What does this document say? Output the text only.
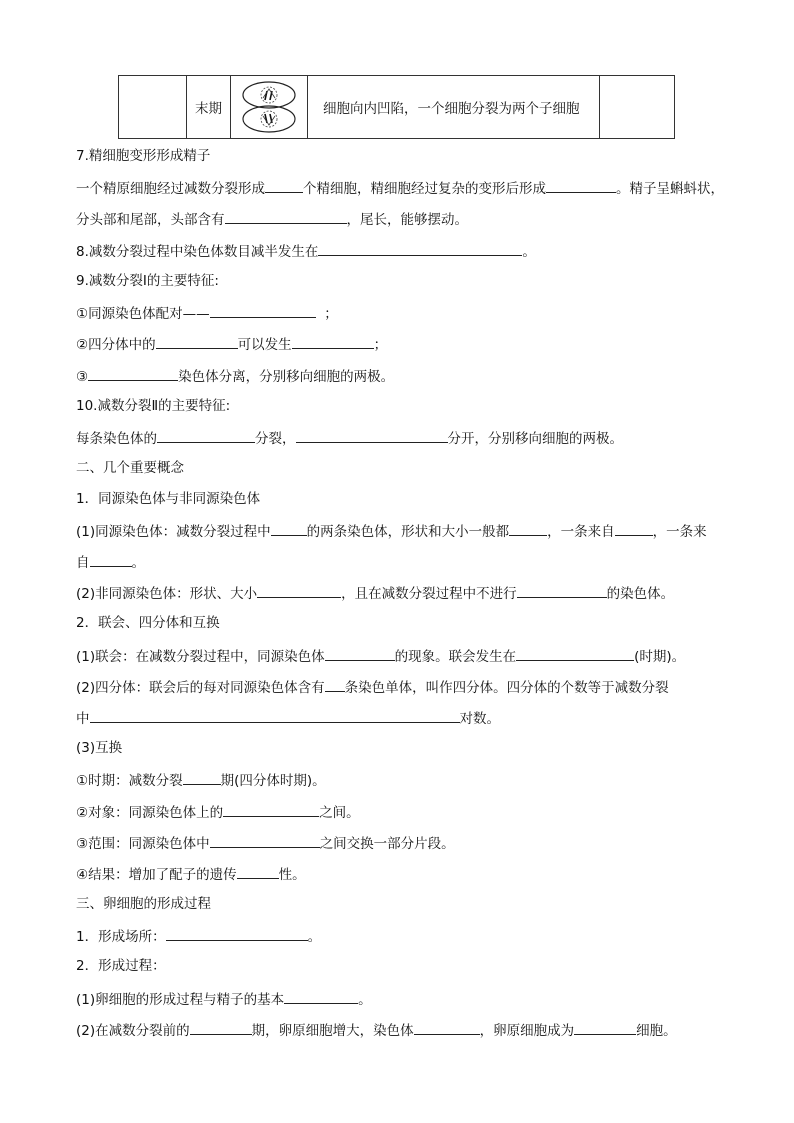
末期	细胞向内凹陷，一个细胞分裂为两个子细胞
7.精细胞变形形成精子
一个精原细胞经过减数分裂形成	个精细胞，精细胞经过复杂的变形后形成	。精子呈蝌蚪状，
分头部和尾部，头部含有	，尾长，能够摆动。
8.减数分裂过程中染色体数目减半发生在	。
9.减数分裂Ⅰ的主要特征:
①同源染色体配对——	；
②四分体中的	可以发生	；
③	染色体分离，分别移向细胞的两极。
10.减数分裂Ⅱ的主要特征:
每条染色体的	分裂，	分开，分别移向细胞的两极。
二、几个重要概念
1．同源染色体与非同源染色体
(1)同源染色体：减数分裂过程中	的两条染色体，形状和大小一般都	，一条来自	，一条来
自	。
(2)非同源染色体：形状、大小	，且在减数分裂过程中不进行	的染色体。
2．联会、四分体和互换
(1)联会：在减数分裂过程中，同源染色体	的现象。联会发生在	(时期)。
(2)四分体：联会后的每对同源染色体含有 条染色单体，叫作四分体。四分体的个数等于减数分裂
中	对数。
(3)互换
①时期：减数分裂	期(四分体时期)。
②对象：同源染色体上的	之间。
③范围：同源染色体中	之间交换一部分片段。
④结果：增加了配子的遗传	性。
三、卵细胞的形成过程
1．形成场所：	。
2．形成过程：
(1)卵细胞的形成过程与精子的基本	。
(2)在减数分裂前的	期，卵原细胞增大，染色体	，卵原细胞成为	细胞。
